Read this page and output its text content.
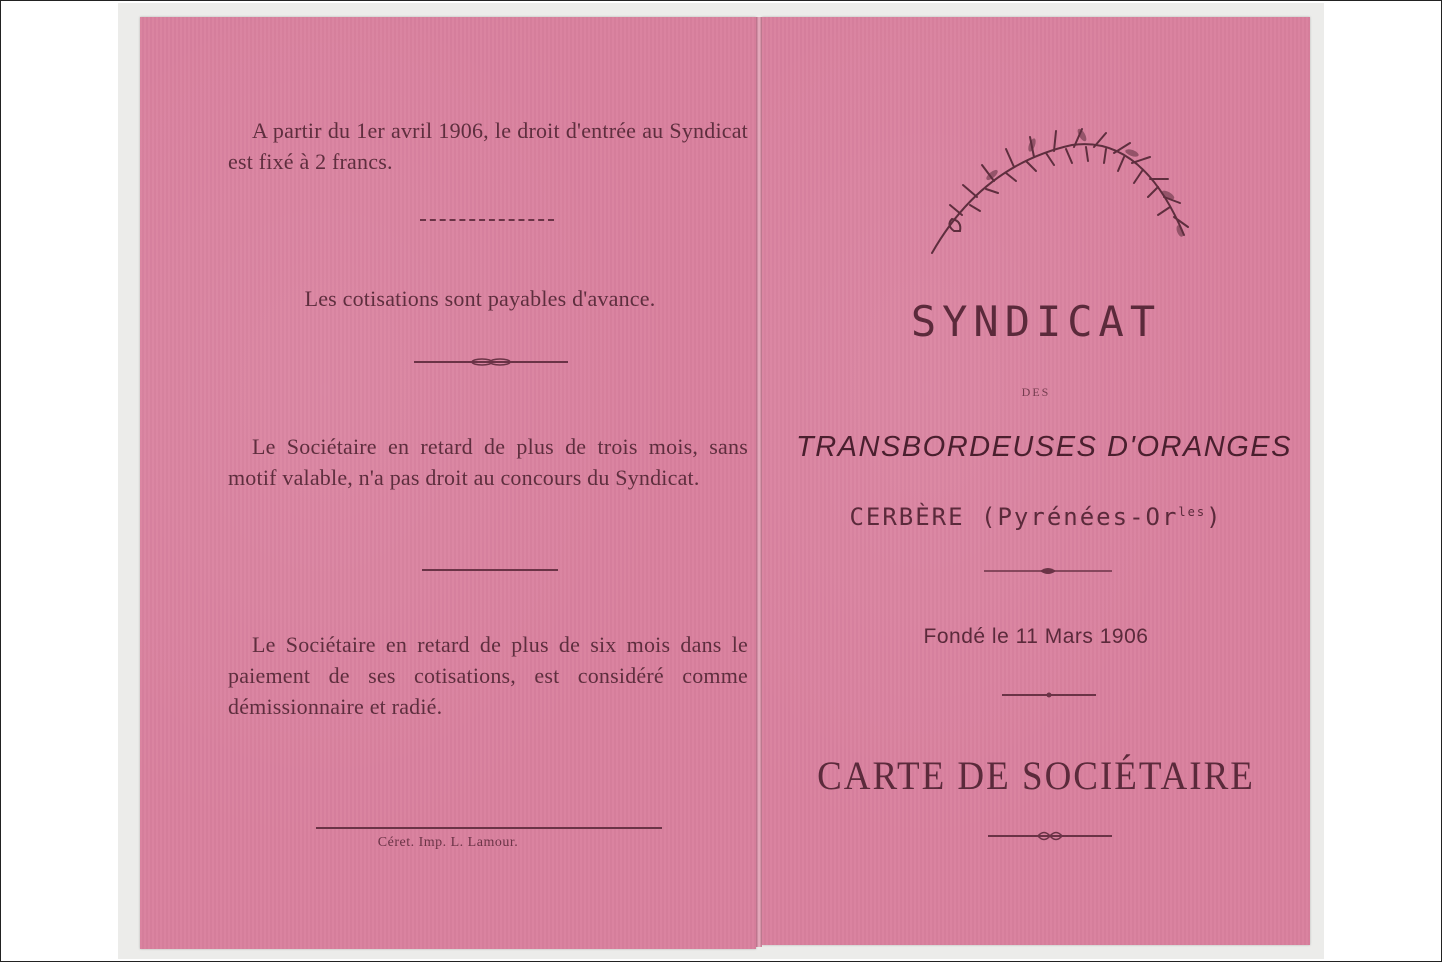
A partir du 1er avril 1906, le droit d'entrée au Syndicat est fixé à 2 francs.
Les cotisations sont payables d'avance.
Le Sociétaire en retard de plus de trois mois, sans motif valable, n'a pas droit au concours du Syndicat.
Le Sociétaire en retard de plus de six mois dans le paiement de ses cotisations, est considéré comme démissionnaire et radié.
Céret. Imp. L. Lamour.
SYNDICAT
DES
TRANSBORDEUSES D'ORANGES
CERBÈRE $(Pyrénées-Or^{les})$
Fondé le 11 Mars 1906
CARTE DE SOCIÉTAIRE
